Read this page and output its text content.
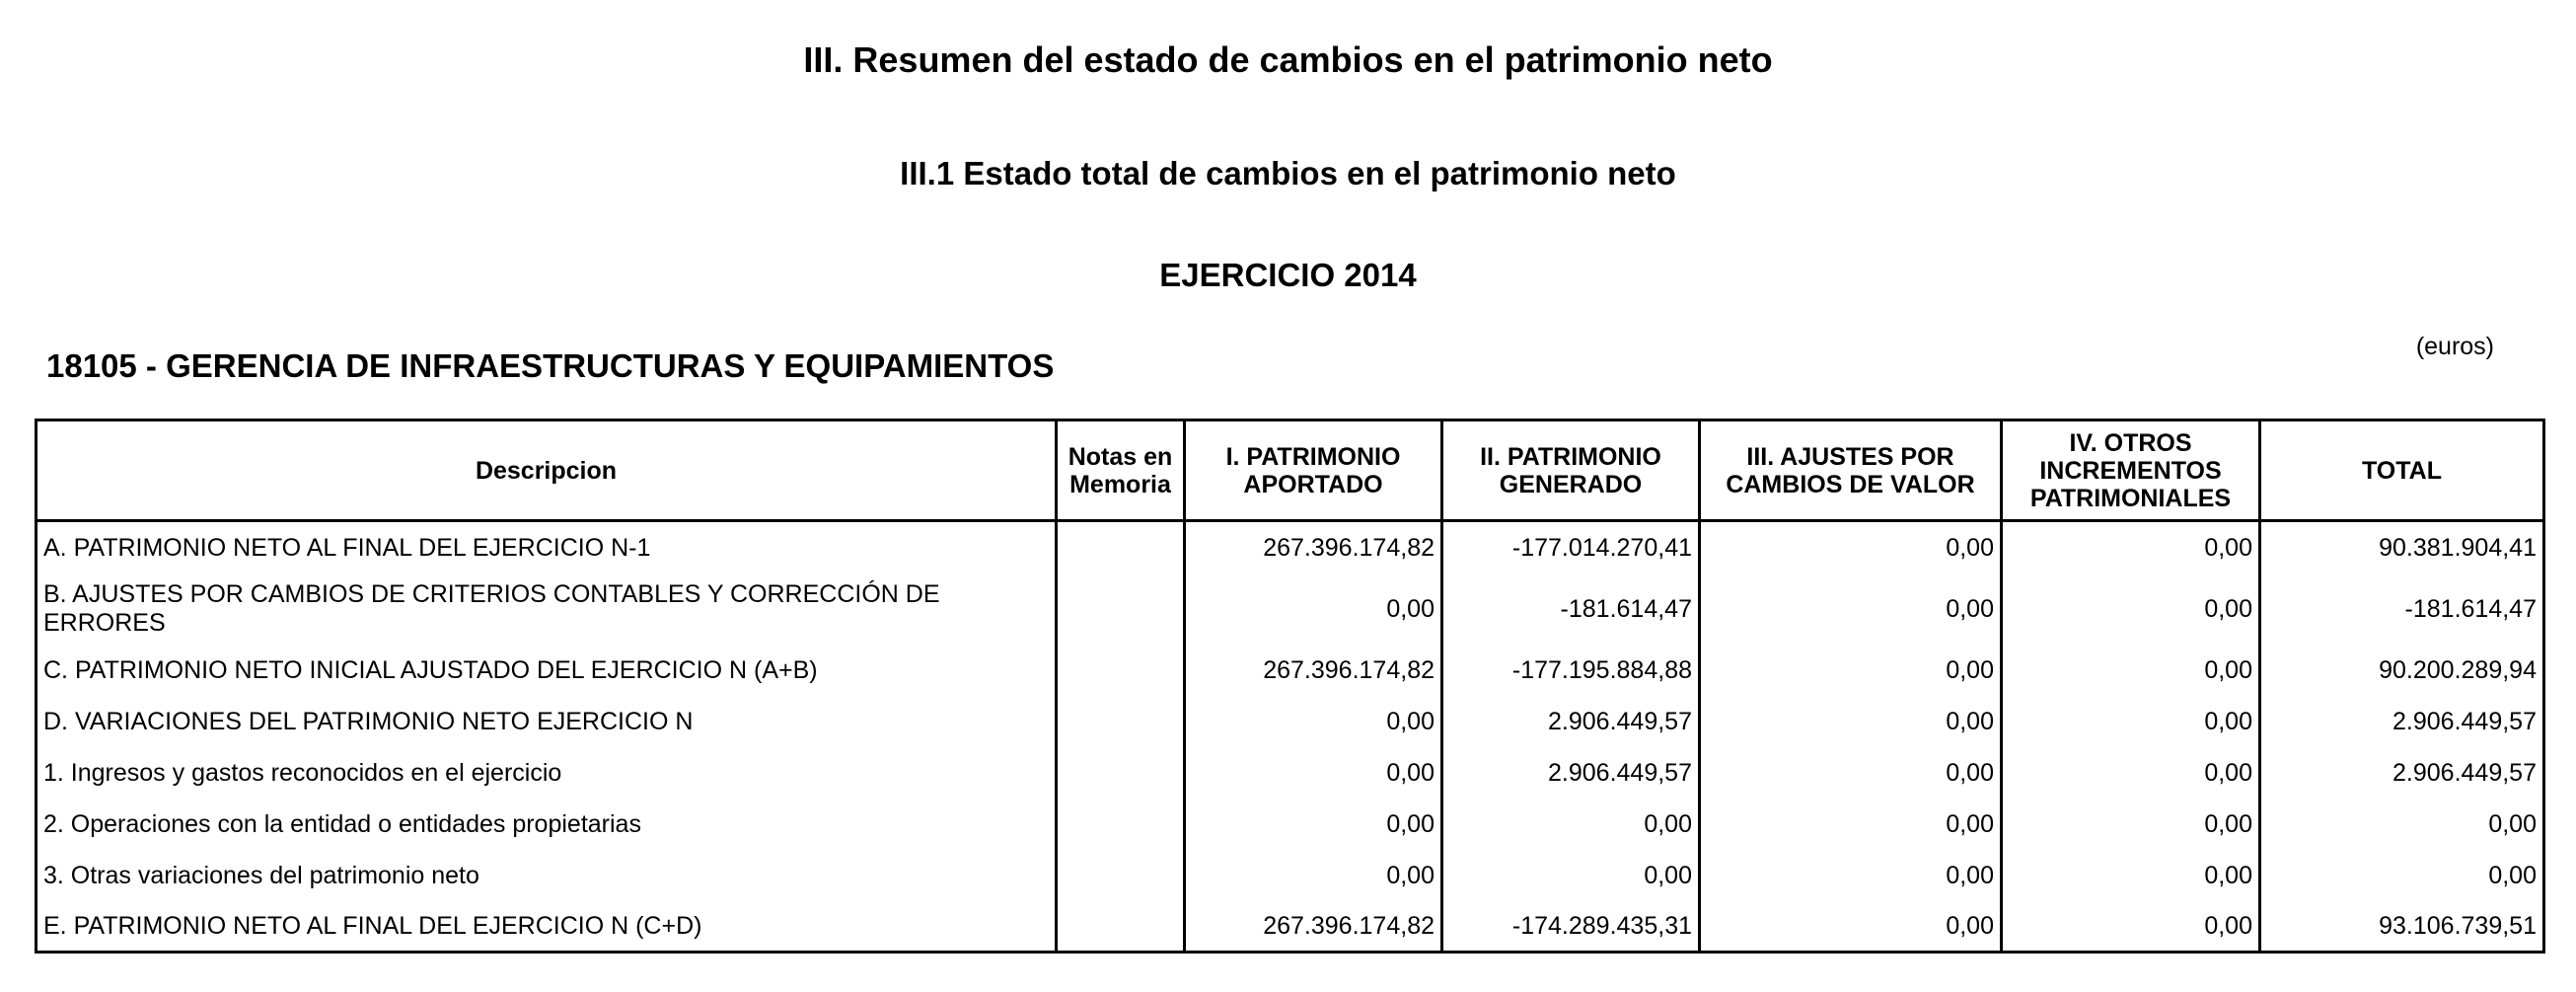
III. Resumen del estado de cambios en el patrimonio neto
III.1 Estado total de cambios en el patrimonio neto
EJERCICIO 2014
18105 - GERENCIA DE INFRAESTRUCTURAS Y EQUIPAMIENTOS
(euros)
Descripcion	Notas en Memoria	I. PATRIMONIO APORTADO	II. PATRIMONIO GENERADO	III. AJUSTES POR CAMBIOS DE VALOR	IV. OTROS INCREMENTOS PATRIMONIALES	TOTAL
A. PATRIMONIO NETO AL FINAL DEL EJERCICIO N-1		267.396.174,82	-177.014.270,41	0,00	0,00	90.381.904,41
B. AJUSTES POR CAMBIOS DE CRITERIOS CONTABLES Y CORRECCIÓN DE ERRORES		0,00	-181.614,47	0,00	0,00	-181.614,47
C. PATRIMONIO NETO INICIAL AJUSTADO DEL EJERCICIO N (A+B)		267.396.174,82	-177.195.884,88	0,00	0,00	90.200.289,94
D. VARIACIONES DEL PATRIMONIO NETO EJERCICIO N		0,00	2.906.449,57	0,00	0,00	2.906.449,57
1. Ingresos y gastos reconocidos en el ejercicio		0,00	2.906.449,57	0,00	0,00	2.906.449,57
2. Operaciones con la entidad o entidades propietarias		0,00	0,00	0,00	0,00	0,00
3. Otras variaciones del patrimonio neto		0,00	0,00	0,00	0,00	0,00
E. PATRIMONIO NETO AL FINAL DEL EJERCICIO N (C+D)		267.396.174,82	-174.289.435,31	0,00	0,00	93.106.739,51
